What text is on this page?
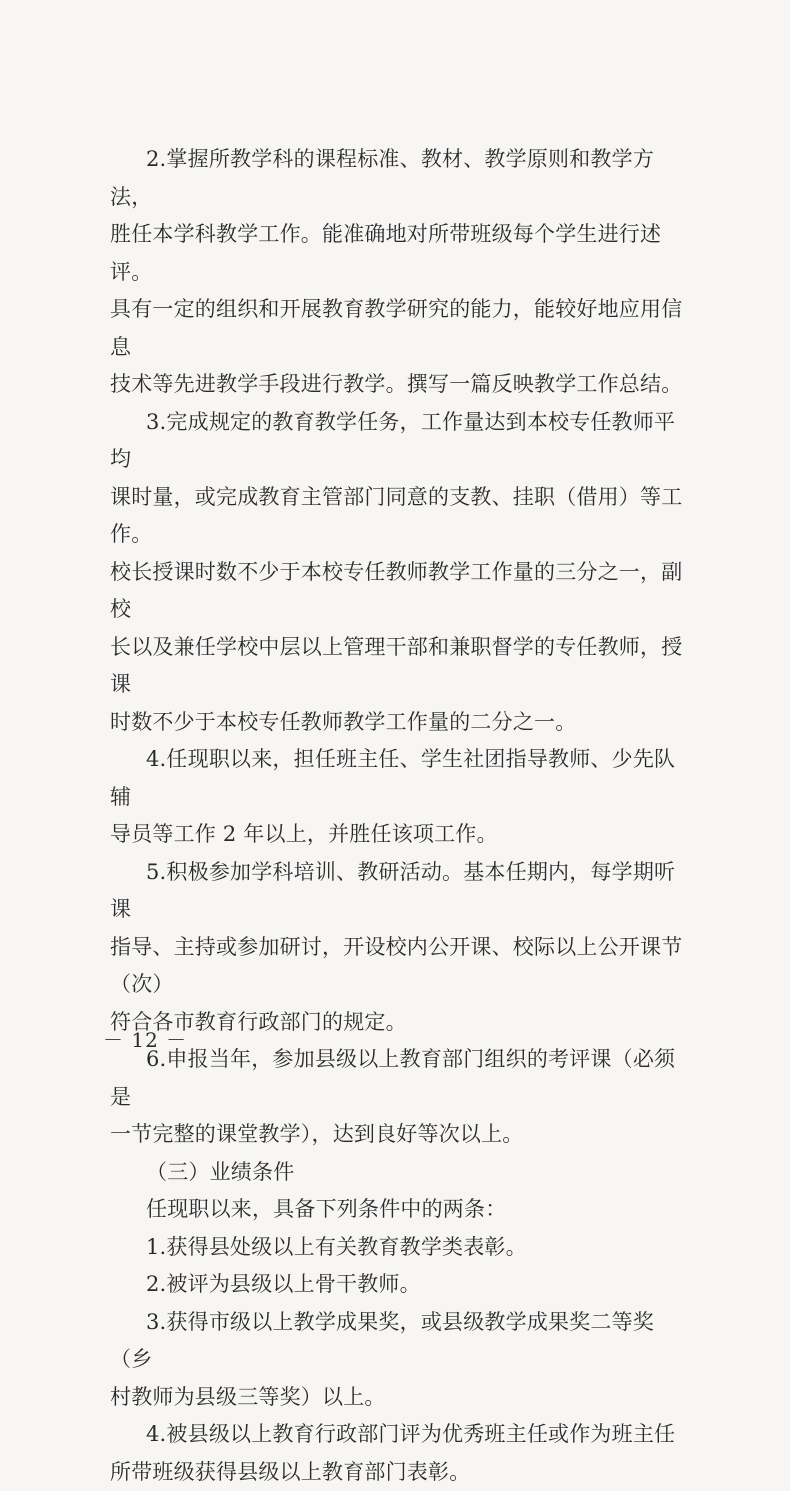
2.掌握所教学科的课程标准、教材、教学原则和教学方法，
胜任本学科教学工作。能准确地对所带班级每个学生进行述评。
具有一定的组织和开展教育教学研究的能力，能较好地应用信息
技术等先进教学手段进行教学。撰写一篇反映教学工作总结。

3.完成规定的教育教学任务，工作量达到本校专任教师平均
课时量，或完成教育主管部门同意的支教、挂职（借用）等工作。
校长授课时数不少于本校专任教师教学工作量的三分之一，副校
长以及兼任学校中层以上管理干部和兼职督学的专任教师，授课
时数不少于本校专任教师教学工作量的二分之一。

4.任现职以来，担任班主任、学生社团指导教师、少先队辅
导员等工作 2 年以上，并胜任该项工作。

5.积极参加学科培训、教研活动。基本任期内，每学期听课
指导、主持或参加研讨，开设校内公开课、校际以上公开课节（次）
符合各市教育行政部门的规定。

6.申报当年，参加县级以上教育部门组织的考评课（必须是
一节完整的课堂教学），达到良好等次以上。

（三）业绩条件

任现职以来，具备下列条件中的两条：

1.获得县处级以上有关教育教学类表彰。

2.被评为县级以上骨干教师。

3.获得市级以上教学成果奖，或县级教学成果奖二等奖（乡
村教师为县级三等奖）以上。

4.被县级以上教育行政部门评为优秀班主任或作为班主任
所带班级获得县级以上教育部门表彰。

－ 12 －
